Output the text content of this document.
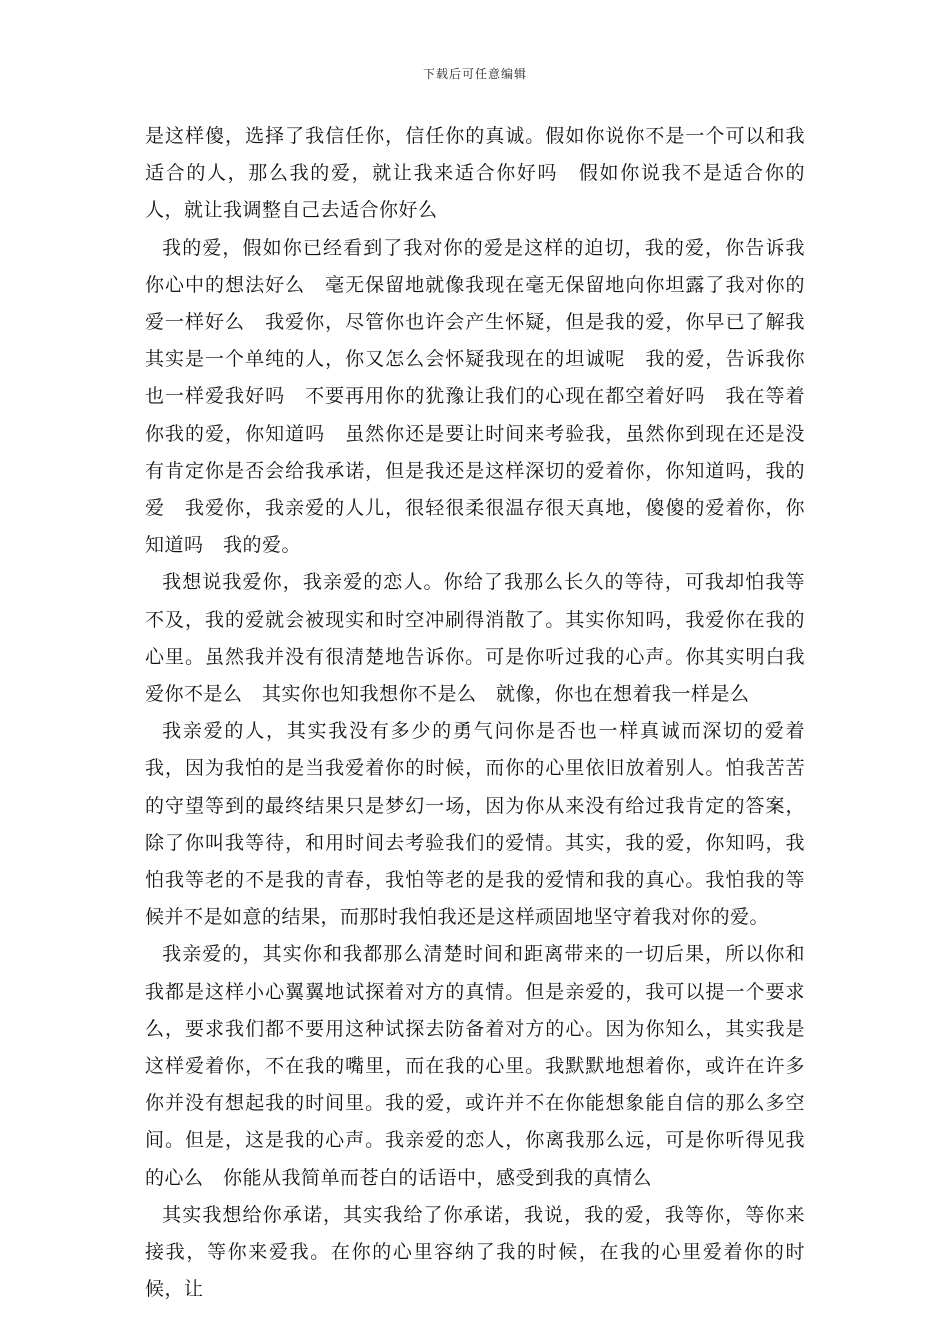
下载后可任意编辑

是这样傻，选择了我信任你，信任你的真诚。假如你说你不是一个可以和我适合的人，那么我的爱，就让我来适合你好吗　假如你说我不是适合你的人，就让我调整自己去适合你好么

我的爱，假如你已经看到了我对你的爱是这样的迫切，我的爱，你告诉我你心中的想法好么　毫无保留地就像我现在毫无保留地向你坦露了我对你的爱一样好么　我爱你，尽管你也许会产生怀疑，但是我的爱，你早已了解我其实是一个单纯的人，你又怎么会怀疑我现在的坦诚呢　我的爱，告诉我你也一样爱我好吗　不要再用你的犹豫让我们的心现在都空着好吗　我在等着你我的爱，你知道吗　虽然你还是要让时间来考验我，虽然你到现在还是没有肯定你是否会给我承诺，但是我还是这样深切的爱着你，你知道吗，我的爱　我爱你，我亲爱的人儿，很轻很柔很温存很天真地，傻傻的爱着你，你知道吗　我的爱。

我想说我爱你，我亲爱的恋人。你给了我那么长久的等待，可我却怕我等不及，我的爱就会被现实和时空冲刷得消散了。其实你知吗，我爱你在我的心里。虽然我并没有很清楚地告诉你。可是你听过我的心声。你其实明白我爱你不是么　其实你也知我想你不是么　就像，你也在想着我一样是么

我亲爱的人，其实我没有多少的勇气问你是否也一样真诚而深切的爱着我，因为我怕的是当我爱着你的时候，而你的心里依旧放着别人。怕我苦苦的守望等到的最终结果只是梦幻一场，因为你从来没有给过我肯定的答案，除了你叫我等待，和用时间去考验我们的爱情。其实，我的爱，你知吗，我怕我等老的不是我的青春，我怕等老的是我的爱情和我的真心。我怕我的等候并不是如意的结果，而那时我怕我还是这样顽固地坚守着我对你的爱。

我亲爱的，其实你和我都那么清楚时间和距离带来的一切后果，所以你和我都是这样小心翼翼地试探着对方的真情。但是亲爱的，我可以提一个要求么，要求我们都不要用这种试探去防备着对方的心。因为你知么，其实我是这样爱着你，不在我的嘴里，而在我的心里。我默默地想着你，或许在许多你并没有想起我的时间里。我的爱，或许并不在你能想象能自信的那么多空间。但是，这是我的心声。我亲爱的恋人，你离我那么远，可是你听得见我的心么　你能从我简单而苍白的话语中，感受到我的真情么

其实我想给你承诺，其实我给了你承诺，我说，我的爱，我等你，等你来接我，等你来爱我。在你的心里容纳了我的时候，在我的心里爱着你的时候，让
